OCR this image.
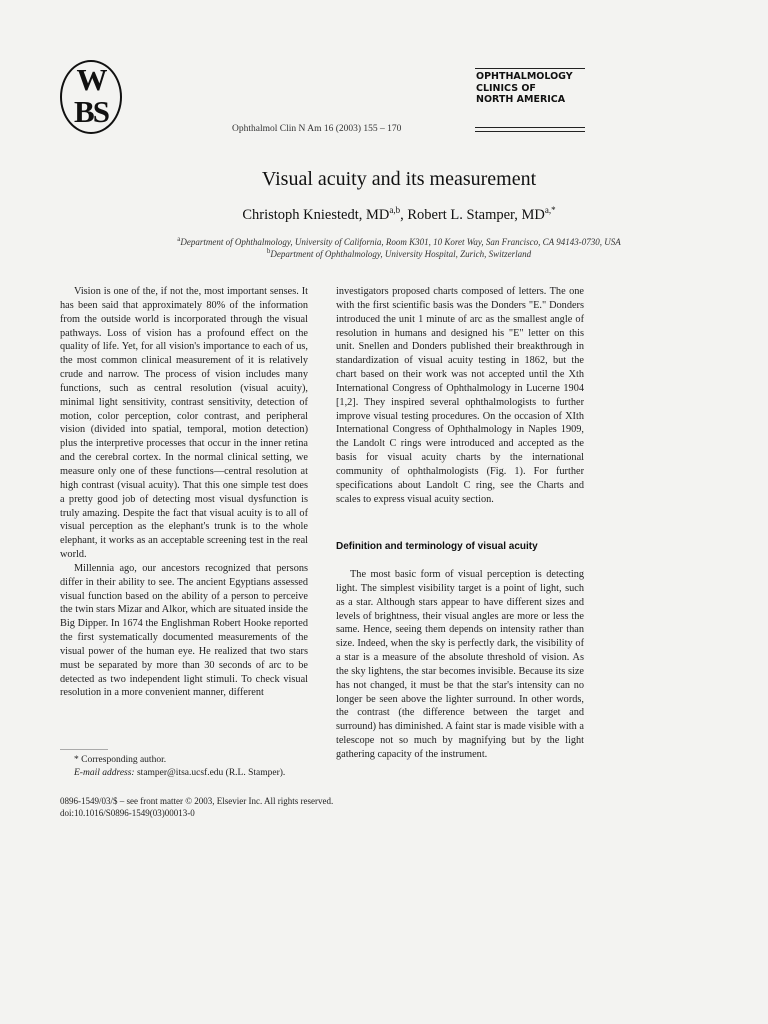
W
BS	Ophthalmol Clin N Am 16 (2003) 155 – 170
OPHTHALMOLOGY
CLINICS OF
NORTH AMERICA
Visual acuity and its measurement
Christoph Kniestedt, MD$^{a,b}$, Robert L. Stamper, $MD^{a,*}$
$^a$Department of Ophthalmology, University of California, Room K301, 10 Koret Way, San Francisco, CA 94143-0730, USA
$^b$Department of Ophthalmology, University Hospital, Zurich, Switzerland

Vision is one of the, if not the, most important senses. It has been said that approximately 80% of the information from the outside world is incorporated through the visual pathways. Loss of vision has a profound effect on the quality of life. Yet, for all vision's importance to each of us, the most common clinical measurement of it is relatively crude and narrow. The process of vision includes many functions, such as central resolution (visual acuity), minimal light sensitivity, contrast sensitivity, detection of motion, color perception, color contrast, and peripheral vision (divided into spatial, temporal, motion detection) plus the interpretive processes that occur in the inner retina and the cerebral cortex. In the normal clinical setting, we measure only one of these functions—central resolution at high contrast (visual acuity). That this one simple test does a pretty good job of detecting most visual dysfunction is truly amazing. Despite the fact that visual acuity is to all of visual perception as the elephant's trunk is to the whole elephant, it works as an acceptable screening test in the real world.

Millennia ago, our ancestors recognized that persons differ in their ability to see. The ancient Egyptians assessed visual function based on the ability of a person to perceive the twin stars Mizar and Alkor, which are situated inside the Big Dipper. In 1674 the Englishman Robert Hooke reported the first systematically documented measurements of the visual power of the human eye. He realized that two stars must be separated by more than 30 seconds of arc to be detected as two independent light stimuli. To check visual resolution in a more convenient manner, different

investigators proposed charts composed of letters. The one with the first scientific basis was the Donders "E." Donders introduced the unit 1 minute of arc as the smallest angle of resolution in humans and designed his "E" letter on this unit. Snellen and Donders published their breakthrough in standardization of visual acuity testing in 1862, but the chart based on their work was not accepted until the Xth International Congress of Ophthalmology in Lucerne 1904 [1,2]. They inspired several ophthalmologists to further improve visual testing procedures. On the occasion of XIth International Congress of Ophthalmology in Naples 1909, the Landolt C rings were introduced and accepted as the basis for visual acuity charts by the international community of ophthalmologists (Fig. 1). For further specifications about Landolt C ring, see the Charts and scales to express visual acuity section.

Definition and terminology of visual acuity

The most basic form of visual perception is detecting light. The simplest visibility target is a point of light, such as a star. Although stars appear to have different sizes and levels of brightness, their visual angles are more or less the same. Hence, seeing them depends on intensity rather than size. Indeed, when the sky is perfectly dark, the visibility of a star is a measure of the absolute threshold of vision. As the sky lightens, the star becomes invisible. Because its size has not changed, it must be that the star's intensity can no longer be seen above the lighter surround. In other words, the contrast (the difference between the target and surround) has diminished. A faint star is made visible with a telescope not so much by magnifying but by the light gathering capacity of the instrument.

* Corresponding author.
E-mail address: stamper@itsa.ucsf.edu (R.L. Stamper).
0896-1549/03/$ – see front matter © 2003, Elsevier Inc. All rights reserved.
doi:10.1016/S0896-1549(03)00013-0
